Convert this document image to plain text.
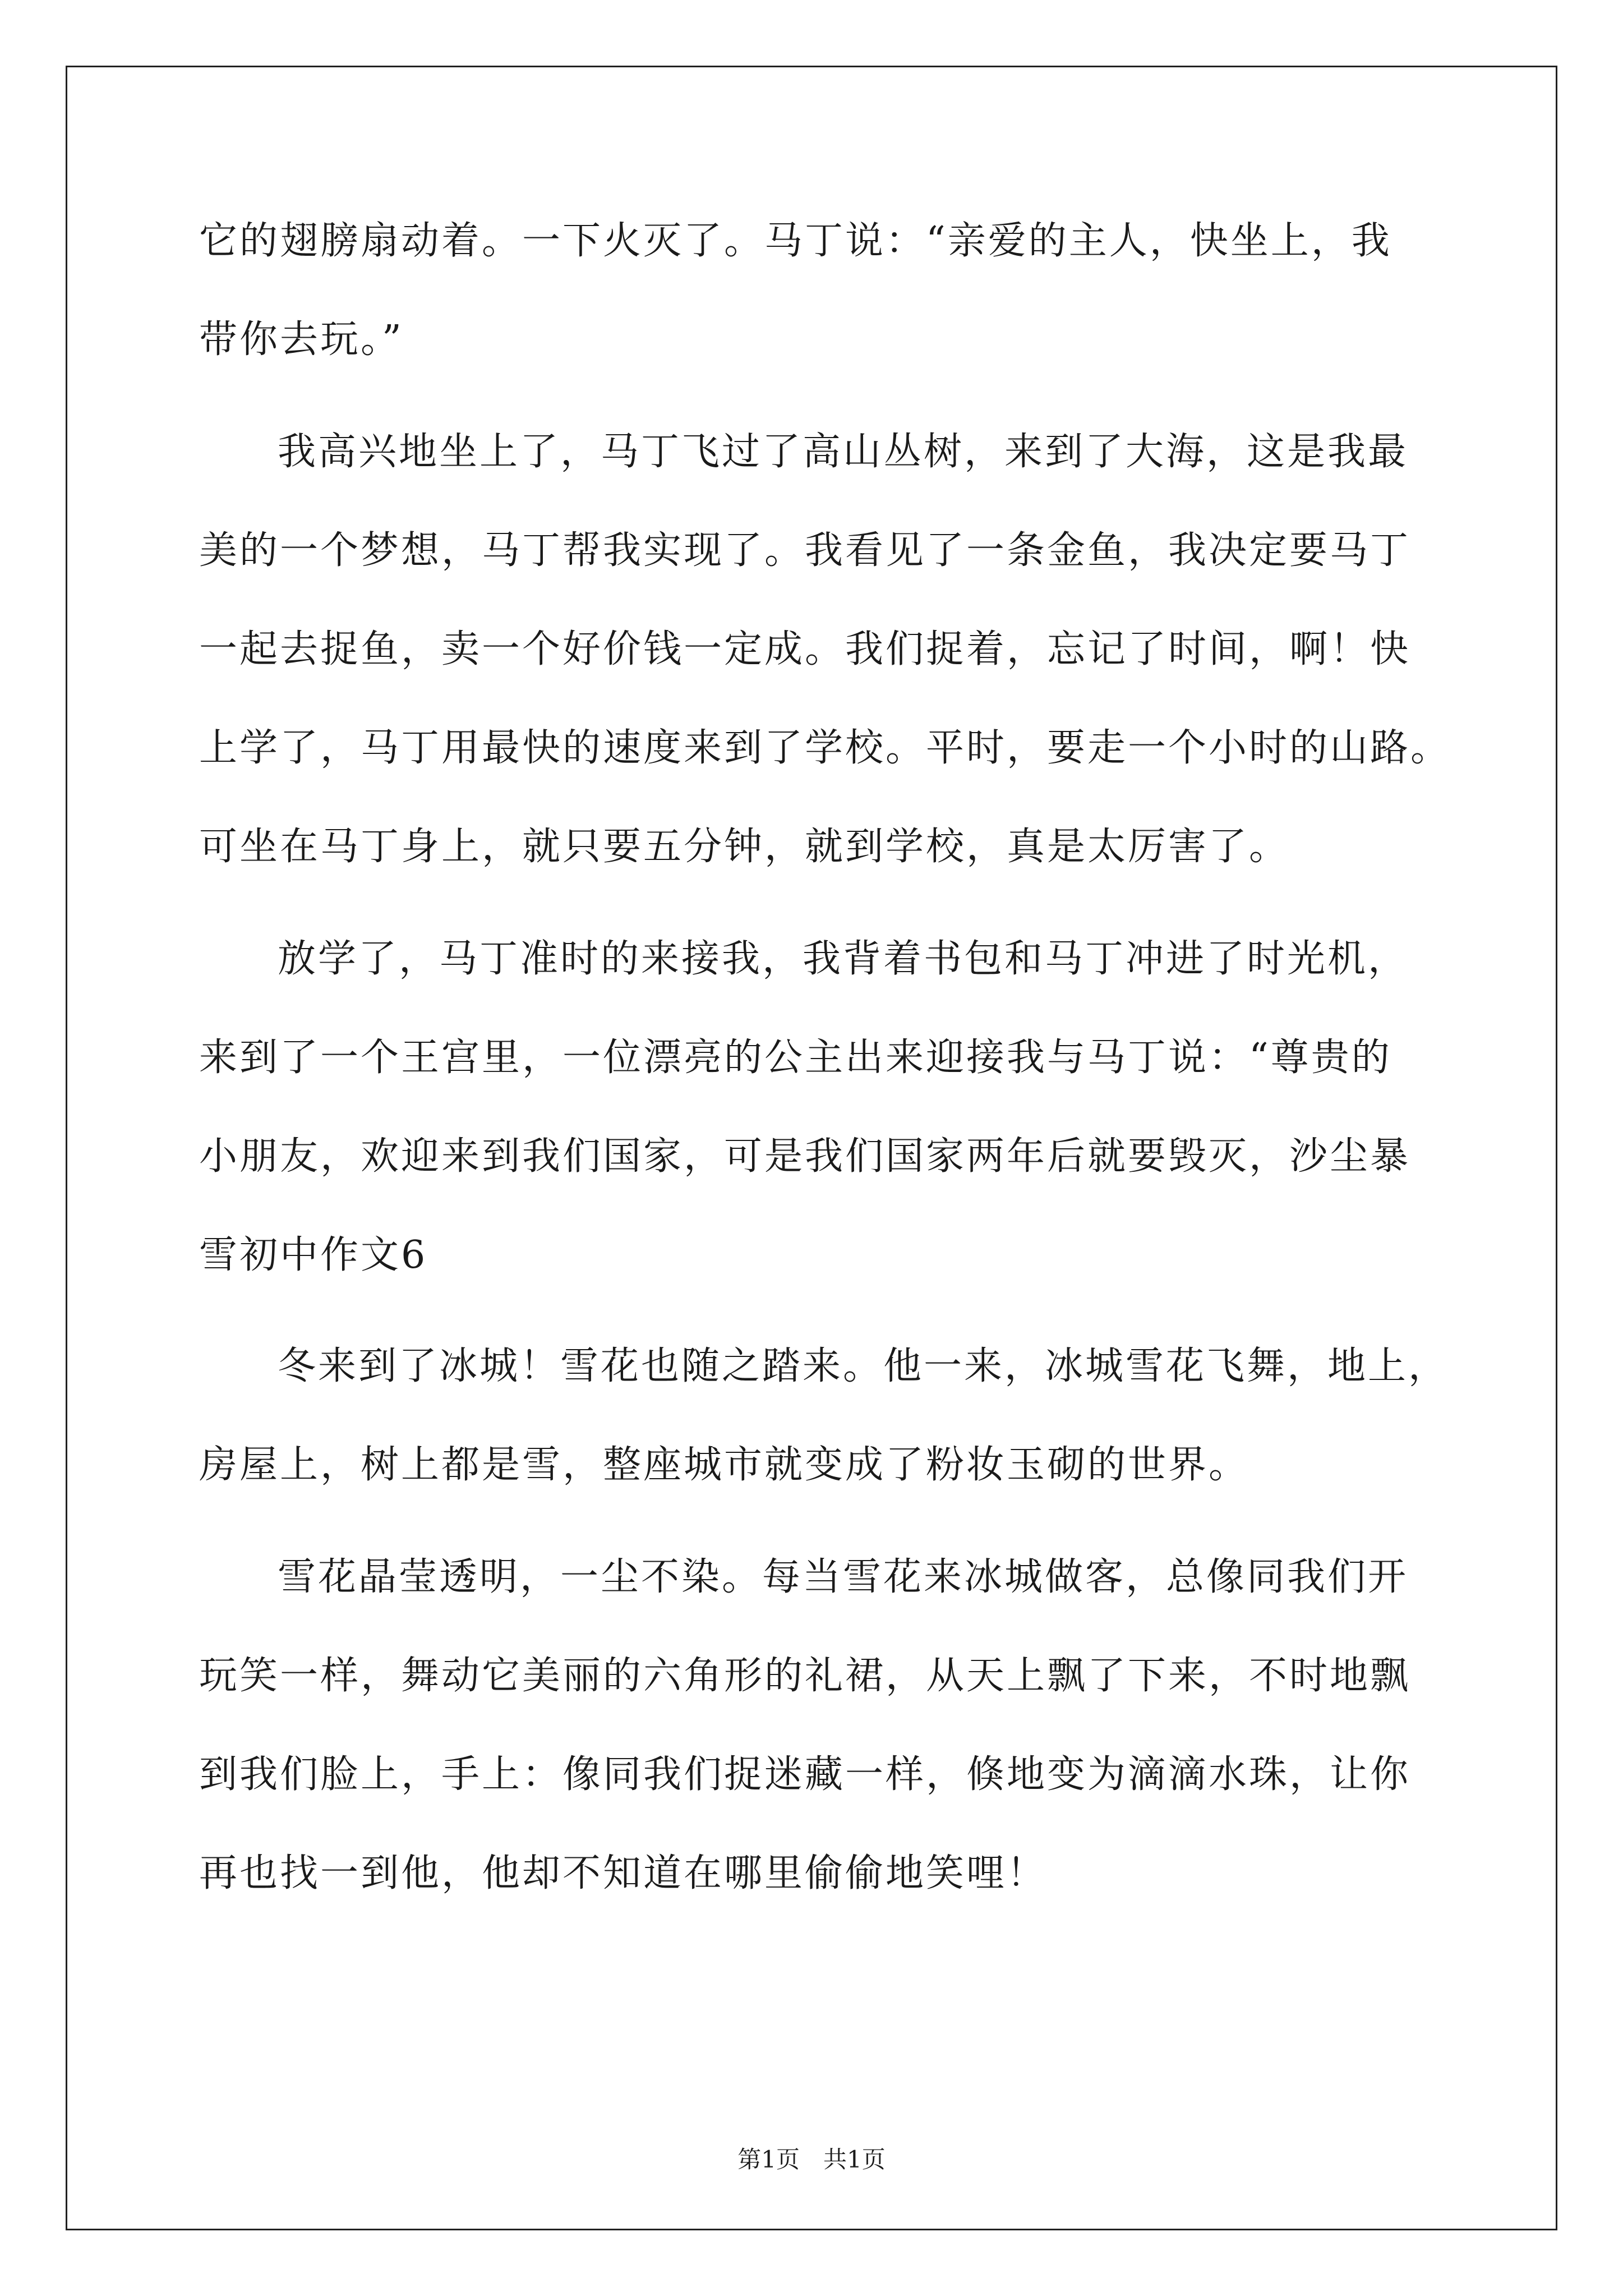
它的翅膀扇动着。一下火灭了。马丁说：“亲爱的主人，快坐上，我
带你去玩。”
我高兴地坐上了，马丁飞过了高山丛树，来到了大海，这是我最
美的一个梦想，马丁帮我实现了。我看见了一条金鱼，我决定要马丁
一起去捉鱼，卖一个好价钱一定成。我们捉着，忘记了时间，啊！快
上学了，马丁用最快的速度来到了学校。平时，要走一个小时的山路。
可坐在马丁身上，就只要五分钟，就到学校，真是太厉害了。
放学了，马丁准时的来接我，我背着书包和马丁冲进了时光机，
来到了一个王宫里，一位漂亮的公主出来迎接我与马丁说：“尊贵的
小朋友，欢迎来到我们国家，可是我们国家两年后就要毁灭，沙尘暴
雪初中作文6
冬来到了冰城！雪花也随之踏来。他一来，冰城雪花飞舞，地上，
房屋上，树上都是雪，整座城市就变成了粉妆玉砌的世界。
雪花晶莹透明，一尘不染。每当雪花来冰城做客，总像同我们开
玩笑一样，舞动它美丽的六角形的礼裙，从天上飘了下来，不时地飘
到我们脸上，手上：像同我们捉迷藏一样，倏地变为滴滴水珠，让你
再也找一到他，他却不知道在哪里偷偷地笑哩！
第1页　共1页
